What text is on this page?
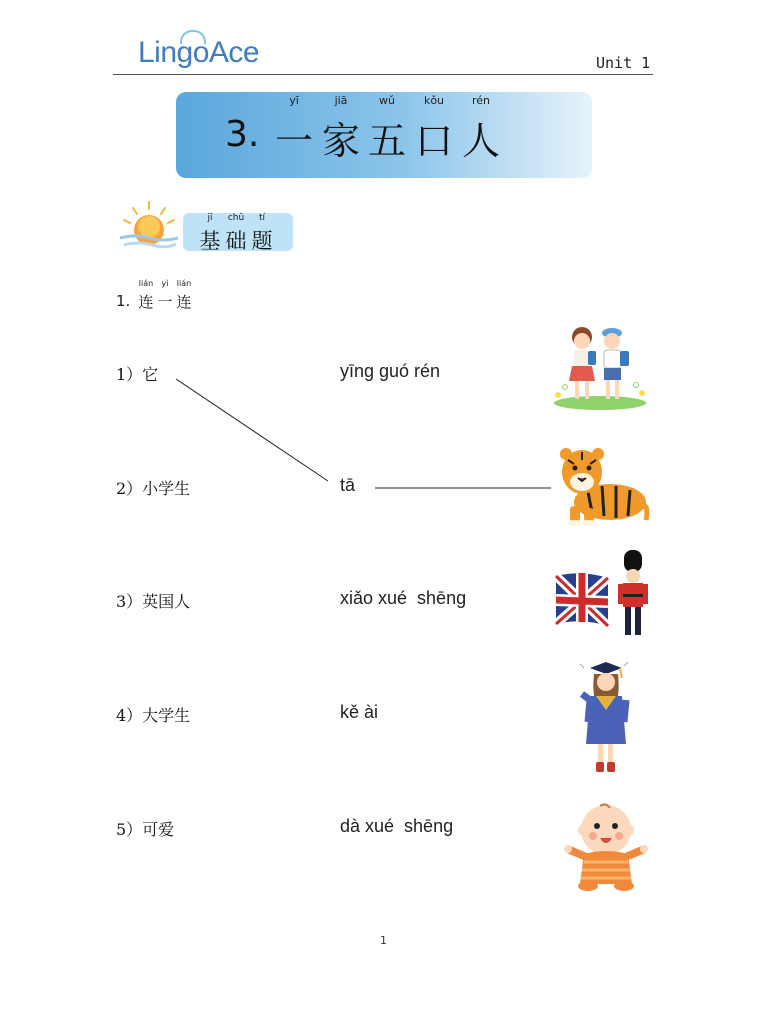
LingoAce	Unit 1
yī	jiā	wǔ	kǒu	rén
3. 一 家 五 口 人
jī	chǔ	tí
基 础 题
lián	yì	lián
1. 连 一 连
1）它	yīng guó rén
2）小学生	tā
3）英国人	xiǎo xué  shēng
4）大学生	kě ài
5）可爱	dà xué  shēng
1
